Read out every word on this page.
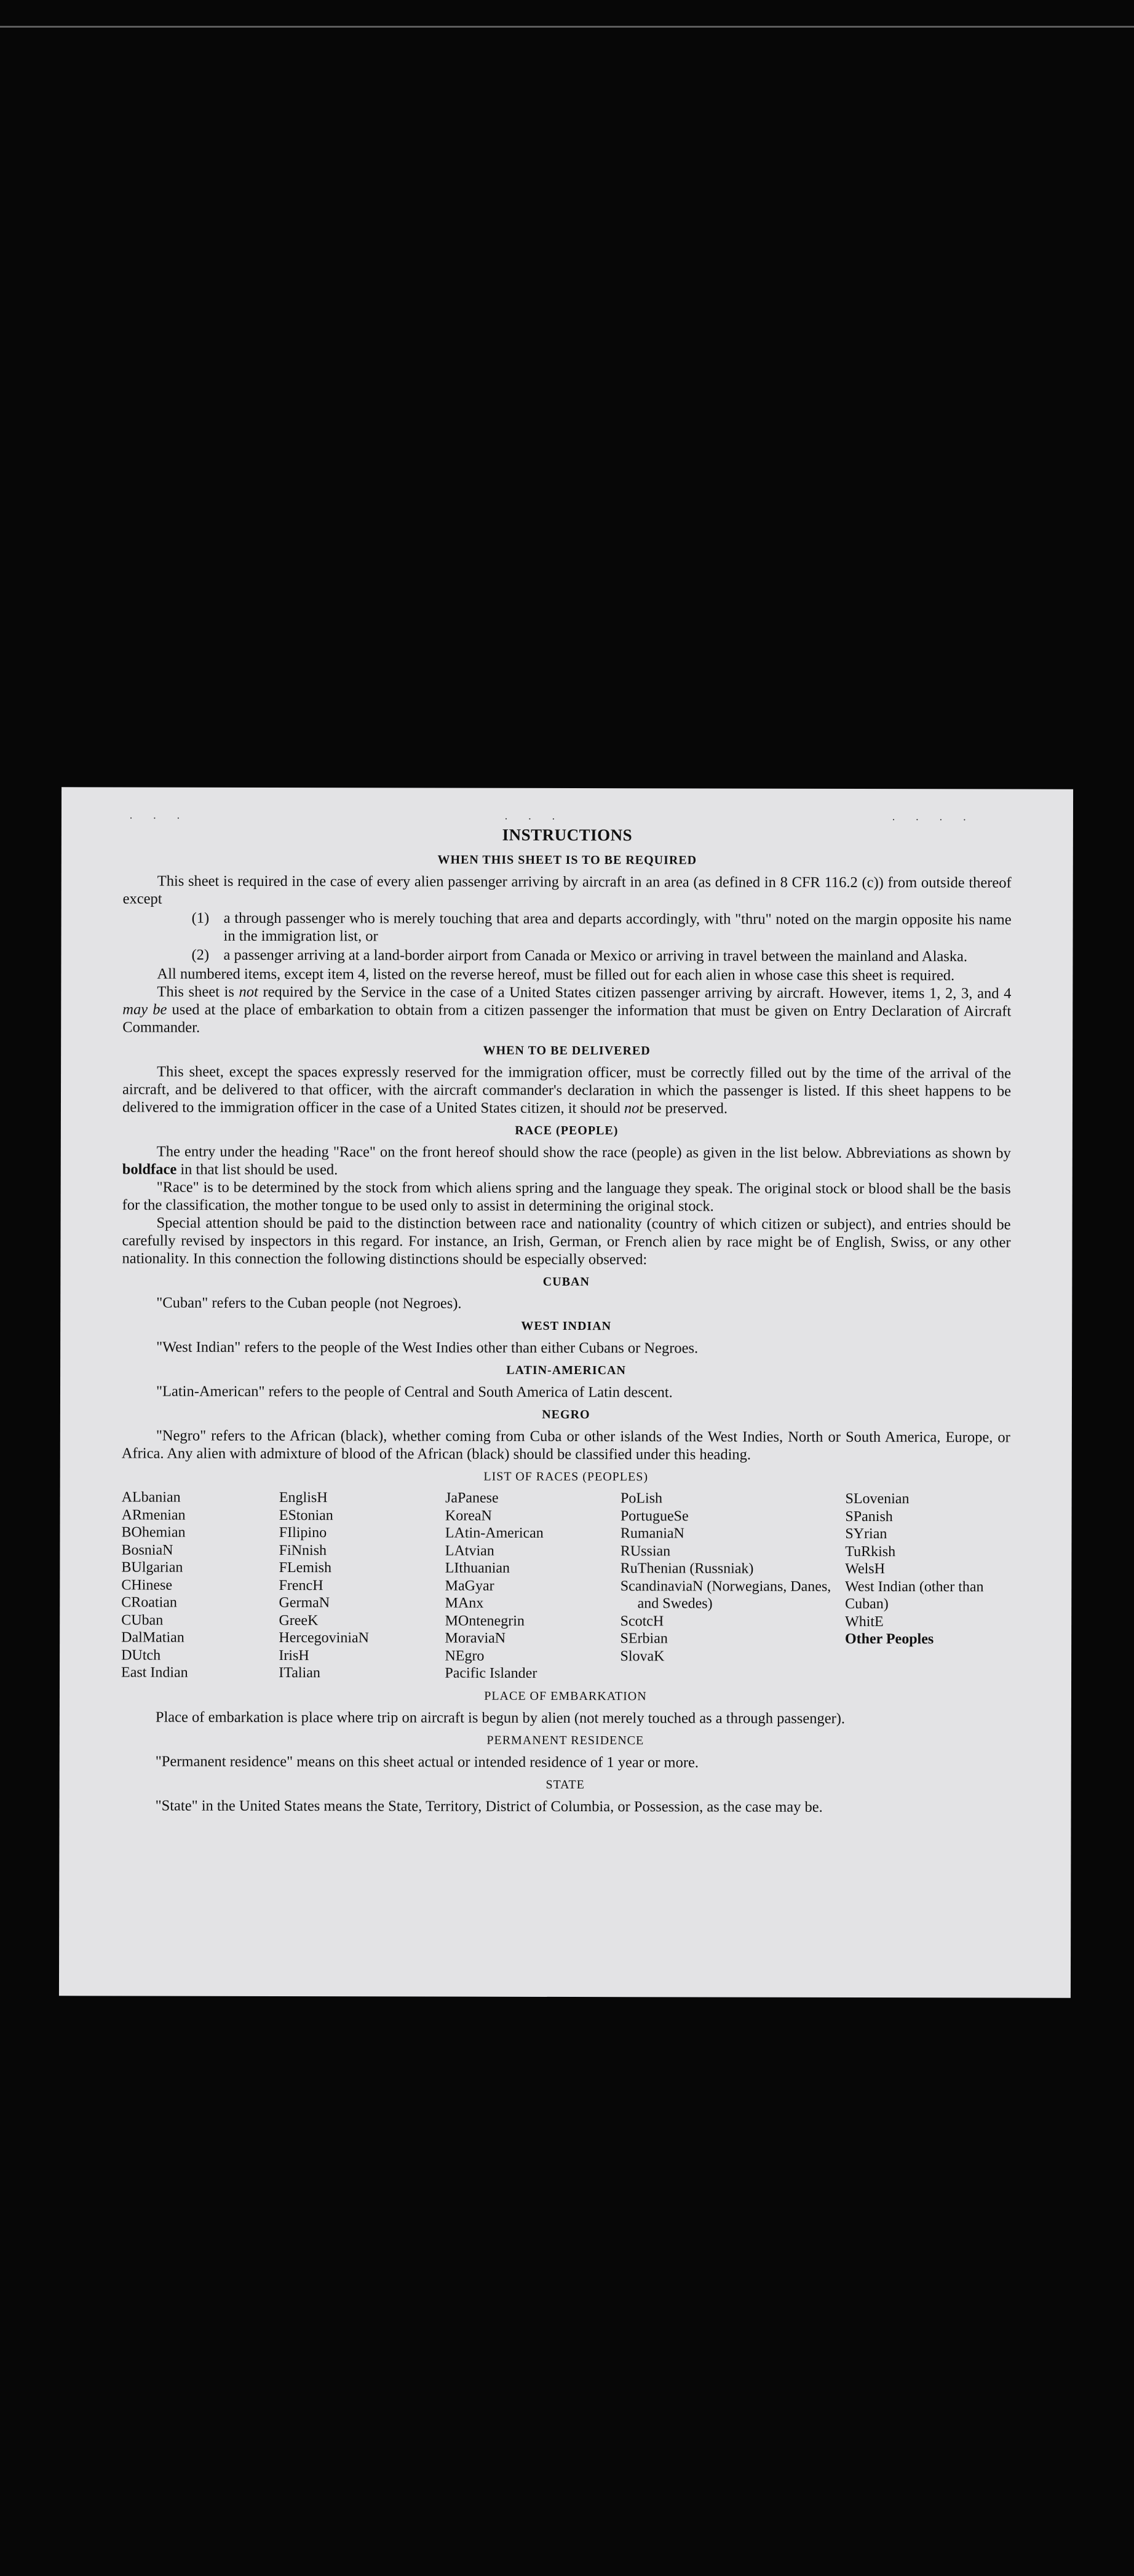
· · ·	· · ·	· · · ·
INSTRUCTIONS
WHEN THIS SHEET IS TO BE REQUIRED

This sheet is required in the case of every alien passenger arriving by aircraft in an area (as defined in 8 CFR 116.2 (c)) from outside thereof except

(1) a through passenger who is merely touching that area and departs accordingly, with "thru" noted on the margin opposite his name in the immigration list, or
(2) a passenger arriving at a land-border airport from Canada or Mexico or arriving in travel between the mainland and Alaska.

All numbered items, except item 4, listed on the reverse hereof, must be filled out for each alien in whose case this sheet is required.

This sheet is not required by the Service in the case of a United States citizen passenger arriving by aircraft. However, items 1, 2, 3, and 4 may be used at the place of embarkation to obtain from a citizen passenger the information that must be given on Entry Declaration of Aircraft Commander.

WHEN TO BE DELIVERED

This sheet, except the spaces expressly reserved for the immigration officer, must be correctly filled out by the time of the arrival of the aircraft, and be delivered to that officer, with the aircraft commander's declaration in which the passenger is listed. If this sheet happens to be delivered to the immigration officer in the case of a United States citizen, it should not be preserved.

RACE (PEOPLE)

The entry under the heading "Race" on the front hereof should show the race (people) as given in the list below. Abbreviations as shown by boldface in that list should be used.

"Race" is to be determined by the stock from which aliens spring and the language they speak. The original stock or blood shall be the basis for the classification, the mother tongue to be used only to assist in determining the original stock.

Special attention should be paid to the distinction between race and nationality (country of which citizen or subject), and entries should be carefully revised by inspectors in this regard. For instance, an Irish, German, or French alien by race might be of English, Swiss, or any other nationality. In this connection the following distinctions should be especially observed:

CUBAN

"Cuban" refers to the Cuban people (not Negroes).

WEST INDIAN

"West Indian" refers to the people of the West Indies other than either Cubans or Negroes.

LATIN-AMERICAN

"Latin-American" refers to the people of Central and South America of Latin descent.

NEGRO

"Negro" refers to the African (black), whether coming from Cuba or other islands of the West Indies, North or South America, Europe, or Africa. Any alien with admixture of blood of the African (black) should be classified under this heading.

LIST OF RACES (PEOPLES)
ALbanian
ARmenian
BOhemian
BosniaN
BUlgarian
CHinese
CRoatian
CUban
DalMatian
DUtch
East Indian
EnglisH
EStonian
FIlipino
FiNnish
FLemish
FrencH
GermaN
GreeK
HercegoviniaN
IrisH
ITalian
JaPanese
KoreaN
LAtin-American
LAtvian
LIthuanian
MaGyar
MAnx
MOntenegrin
MoraviaN
NEgro
Pacific Islander
PoLish
PortugueSe
RumaniaN
RUssian
RuThenian (Russniak)
ScandinaviaN (Norwegians, Danes, and Swedes)
ScotcH
SErbian
SlovaK
SLovenian
SPanish
SYrian
TuRkish
WelsH
West Indian (other than Cuban)
WhitE
Other Peoples
PLACE OF EMBARKATION

Place of embarkation is place where trip on aircraft is begun by alien (not merely touched as a through passenger).

PERMANENT RESIDENCE

"Permanent residence" means on this sheet actual or intended residence of 1 year or more.

STATE

"State" in the United States means the State, Territory, District of Columbia, or Possession, as the case may be.
